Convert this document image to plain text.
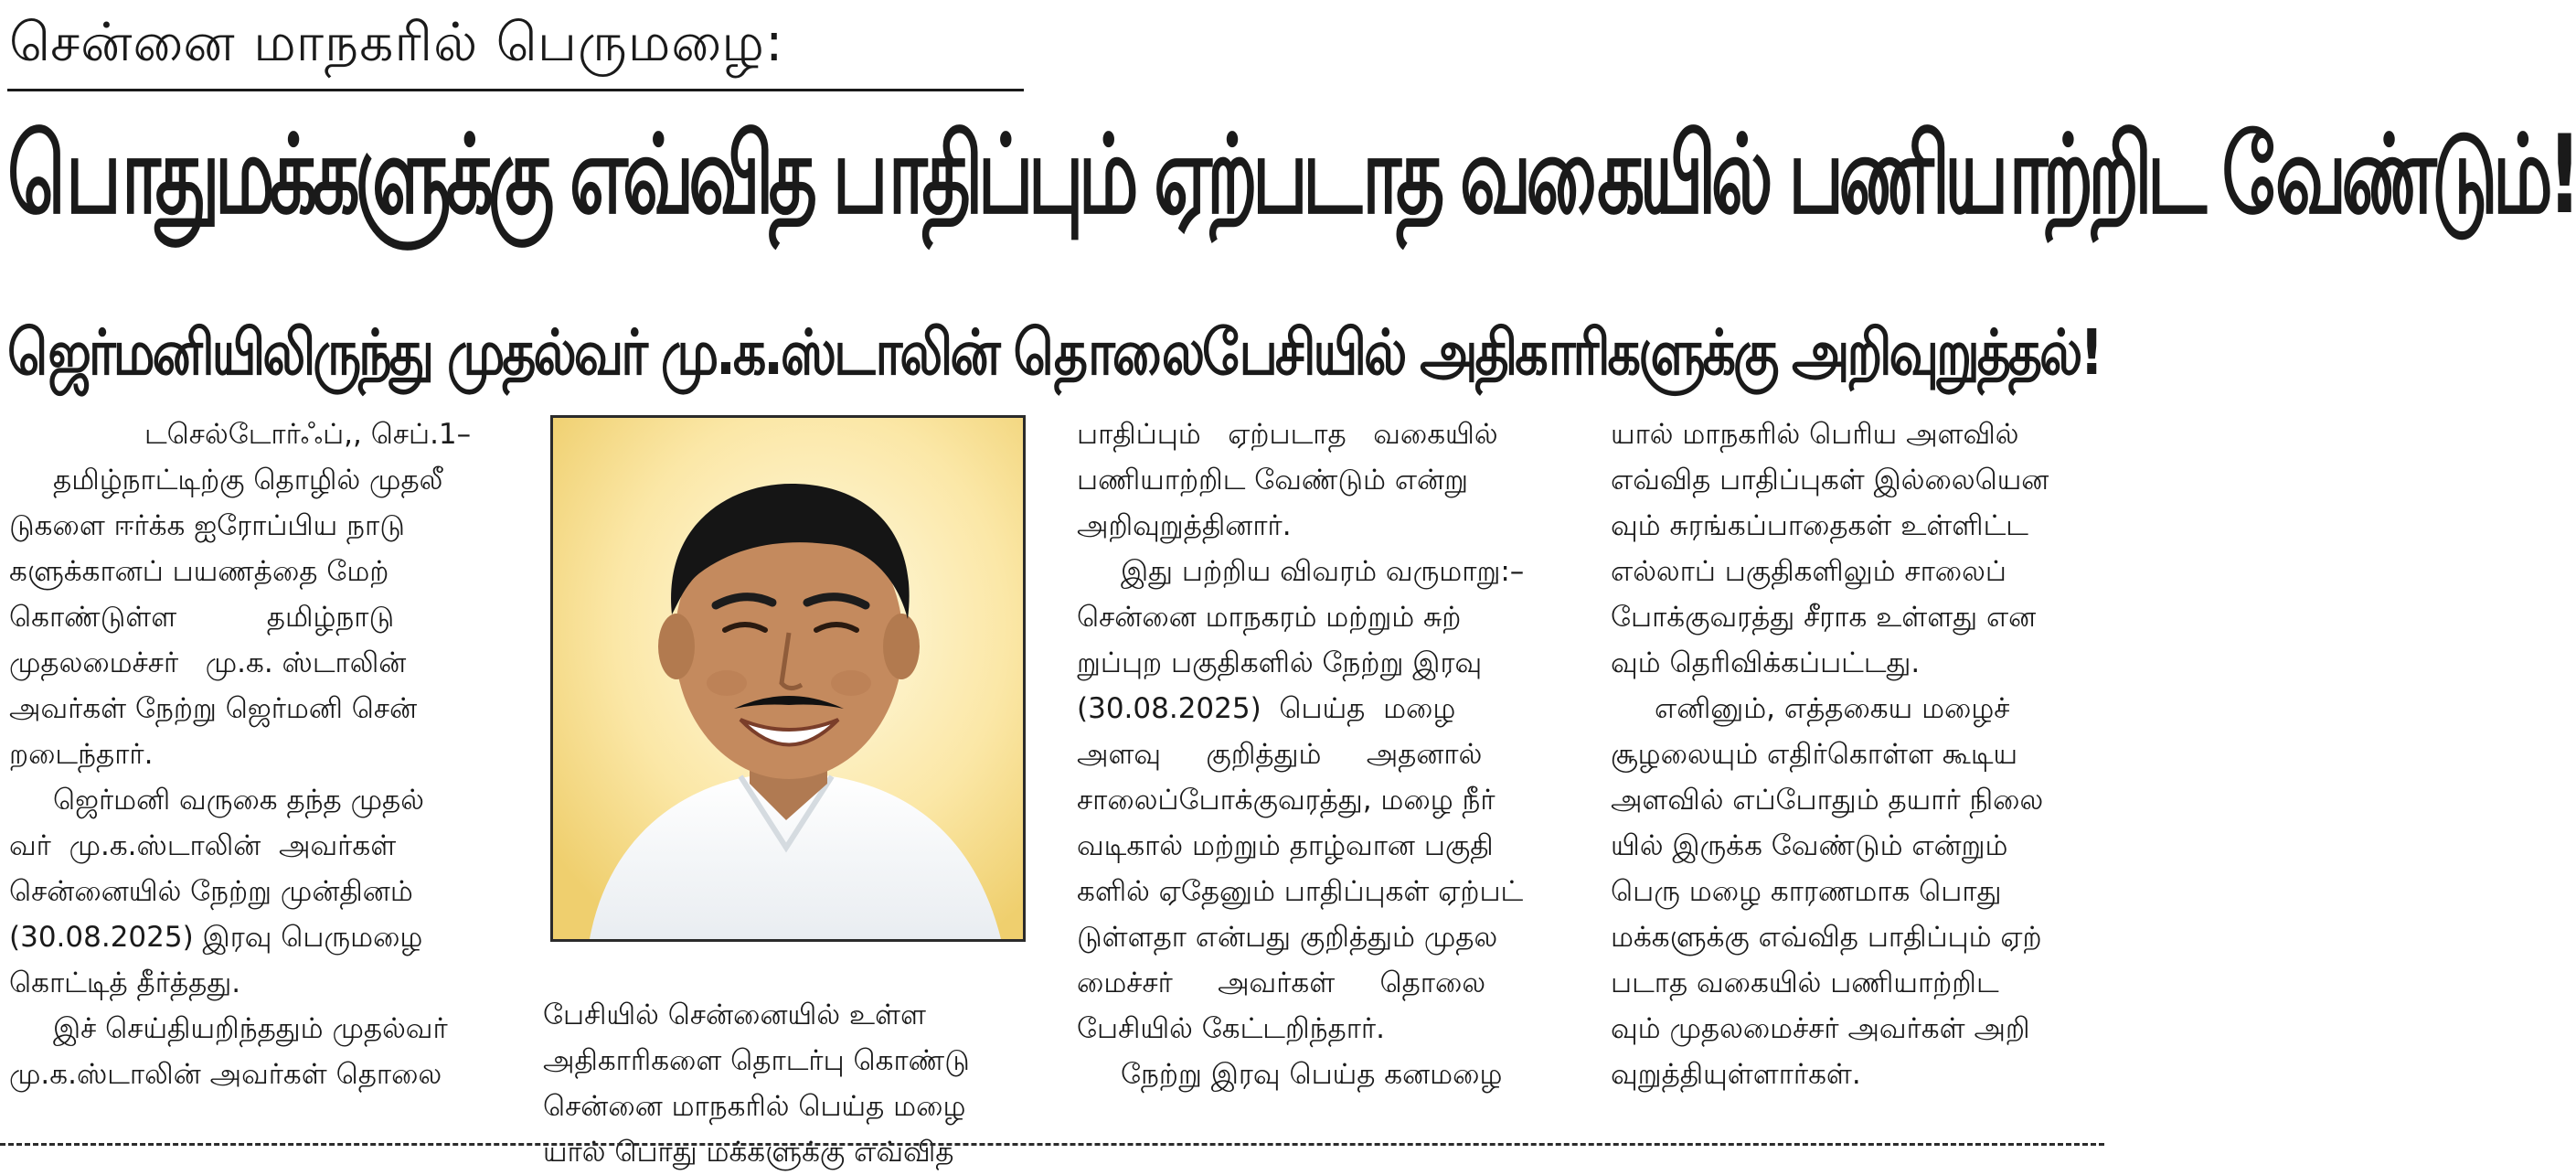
சென்னை மாநகரில் பெருமழை:
பொதுமக்களுக்கு எவ்வித பாதிப்பும் ஏற்படாத வகையில் பணியாற்றிட வேண்டும்!
ஜெர்மனியிலிருந்து முதல்வர் மு.க.ஸ்டாலின் தொலைபேசியில் அதிகாரிகளுக்கு அறிவுறுத்தல்!

டசெல்டோர்ஃப்,, செப்.1–

தமிழ்நாட்டிற்கு தொழில் முதலீ

டுகளை ஈர்க்க ஐரோப்பிய நாடு

களுக்கானப் பயணத்தை மேற்

கொண்டுள்ள          தமிழ்நாடு

முதலமைச்சர்   மு.க. ஸ்டாலின்

அவர்கள் நேற்று ஜெர்மனி சென்

றடைந்தார்.

ஜெர்மனி வருகை தந்த முதல்

வர்  மு.க.ஸ்டாலின்  அவர்கள்

சென்னையில் நேற்று முன்தினம்

(30.08.2025) இரவு பெருமழை

கொட்டித் தீர்த்தது.

இச் செய்தியறிந்ததும் முதல்வர்

மு.க.ஸ்டாலின் அவர்கள் தொலை

பேசியில் சென்னையில் உள்ள

அதிகாரிகளை தொடர்பு கொண்டு

சென்னை மாநகரில் பெய்த மழை

யால் பொது மக்களுக்கு எவ்வித

பாதிப்பும்   ஏற்படாத   வகையில்

பணியாற்றிட வேண்டும் என்று

அறிவுறுத்தினார்.

இது பற்றிய விவரம் வருமாறு:–

சென்னை மாநகரம் மற்றும் சுற்

றுப்புற பகுதிகளில் நேற்று இரவு

(30.08.2025)  பெய்த  மழை

அளவு     குறித்தும்     அதனால்

சாலைப்போக்குவரத்து, மழை நீர்

வடிகால் மற்றும் தாழ்வான பகுதி

களில் ஏதேனும் பாதிப்புகள் ஏற்பட்

டுள்ளதா என்பது குறித்தும் முதல

மைச்சர்     அவர்கள்     தொலை

பேசியில் கேட்டறிந்தார்.

நேற்று இரவு பெய்த கனமழை

யால் மாநகரில் பெரிய அளவில்

எவ்வித பாதிப்புகள் இல்லையென

வும் சுரங்கப்பாதைகள் உள்ளிட்ட

எல்லாப் பகுதிகளிலும் சாலைப்

போக்குவரத்து சீராக உள்ளது என

வும் தெரிவிக்கப்பட்டது.

எனினும், எத்தகைய மழைச்

சூழலையும் எதிர்கொள்ள கூடிய

அளவில் எப்போதும் தயார் நிலை

யில் இருக்க வேண்டும் என்றும்

பெரு மழை காரணமாக பொது

மக்களுக்கு எவ்வித பாதிப்பும் ஏற்

படாத வகையில் பணியாற்றிட

வும் முதலமைச்சர் அவர்கள் அறி

வுறுத்தியுள்ளார்கள்.
